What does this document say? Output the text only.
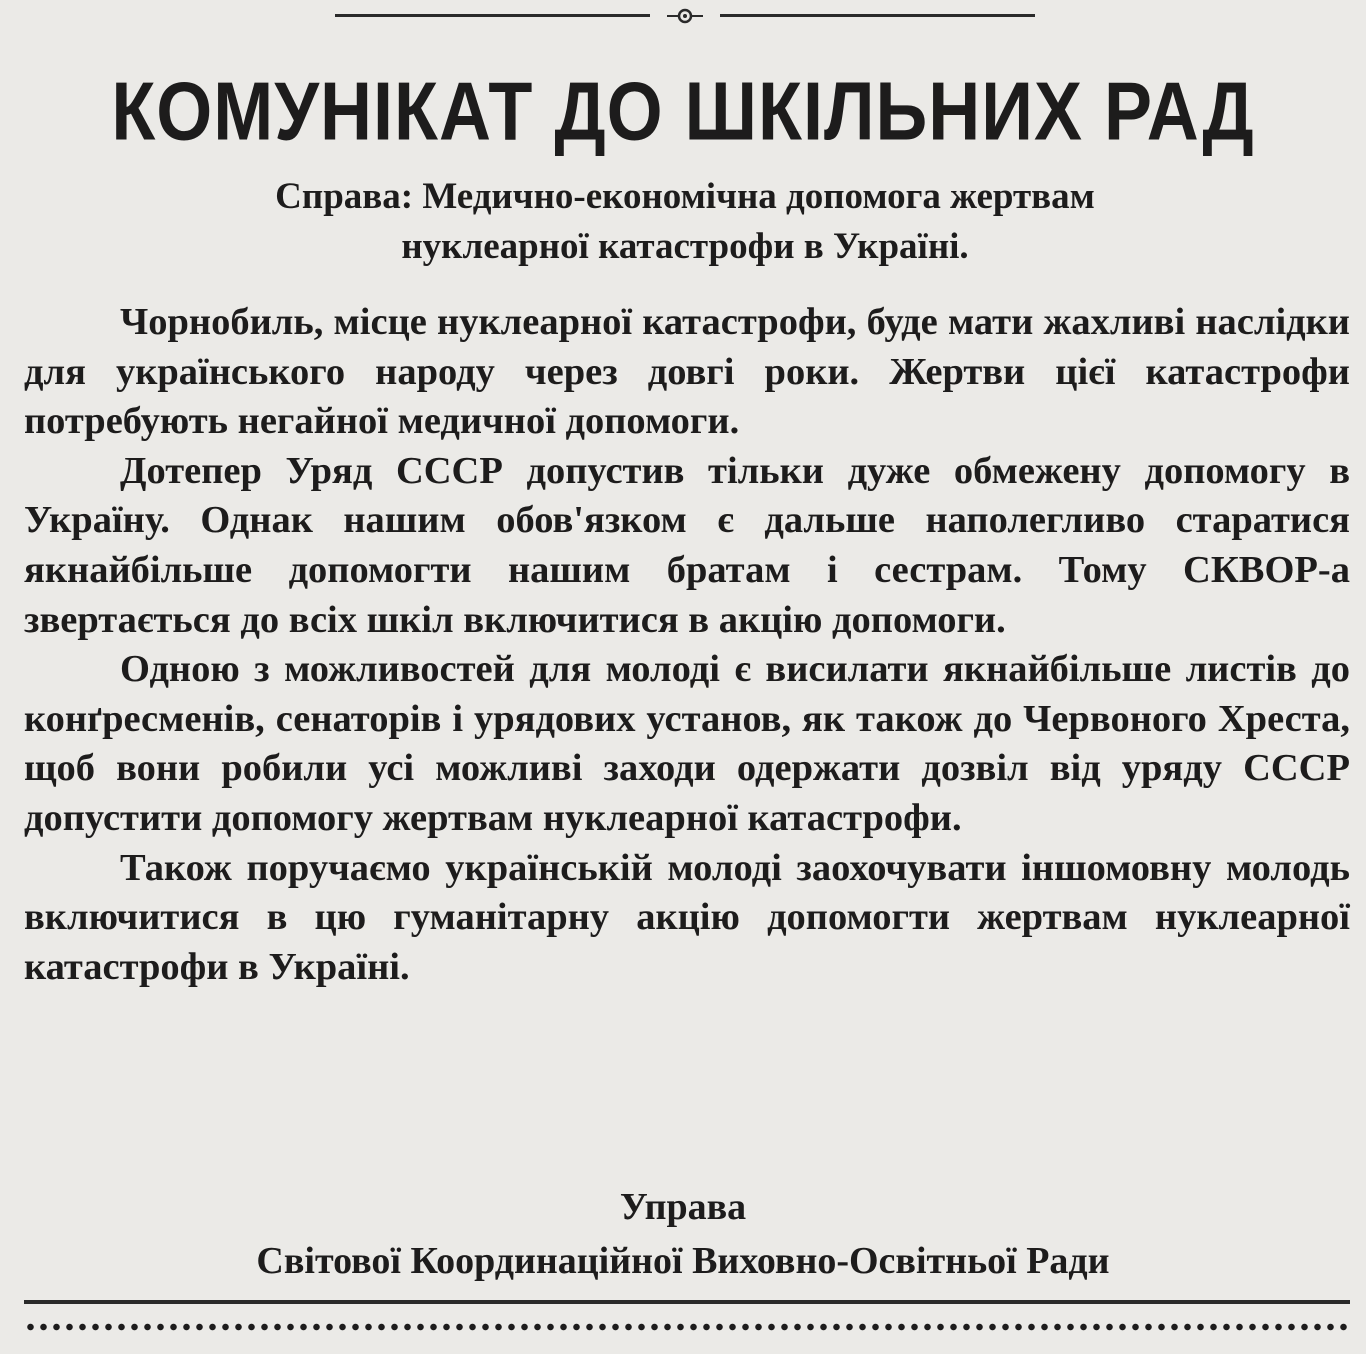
КОМУНІКАТ ДО ШКІЛЬНИХ РАД
Справа: Медично-економічна допомога жертвам
нуклеарної катастрофи в Україні.

Чорнобиль, місце нуклеарної катастрофи, буде мати жахливі наслідки для українського народу через довгі роки. Жертви цієї катастрофи потребують негайної медичної допомоги.

Дотепер Уряд СССР допустив тільки дуже обмежену допомогу в Україну. Однак нашим обов'язком є дальше наполегливо старатися якнайбільше допомогти нашим братам і сестрам. Тому СКВОР-а звертається до всіх шкіл включитися в акцію допомоги.

Одною з можливостей для молоді є висилати якнайбільше листів до конґресменів, сенаторів і урядових установ, як також до Червоного Хреста, щоб вони робили усі можливі заходи одержати дозвіл від уряду СССР допустити допомогу жертвам нуклеарної катастрофи.

Також поручаємо українській молоді заохочувати іншомовну молодь включитися в цю гуманітарну акцію допомогти жертвам нуклеарної катастрофи в Україні.

Управа

Світової Координаційної Виховно-Освітньої Ради
